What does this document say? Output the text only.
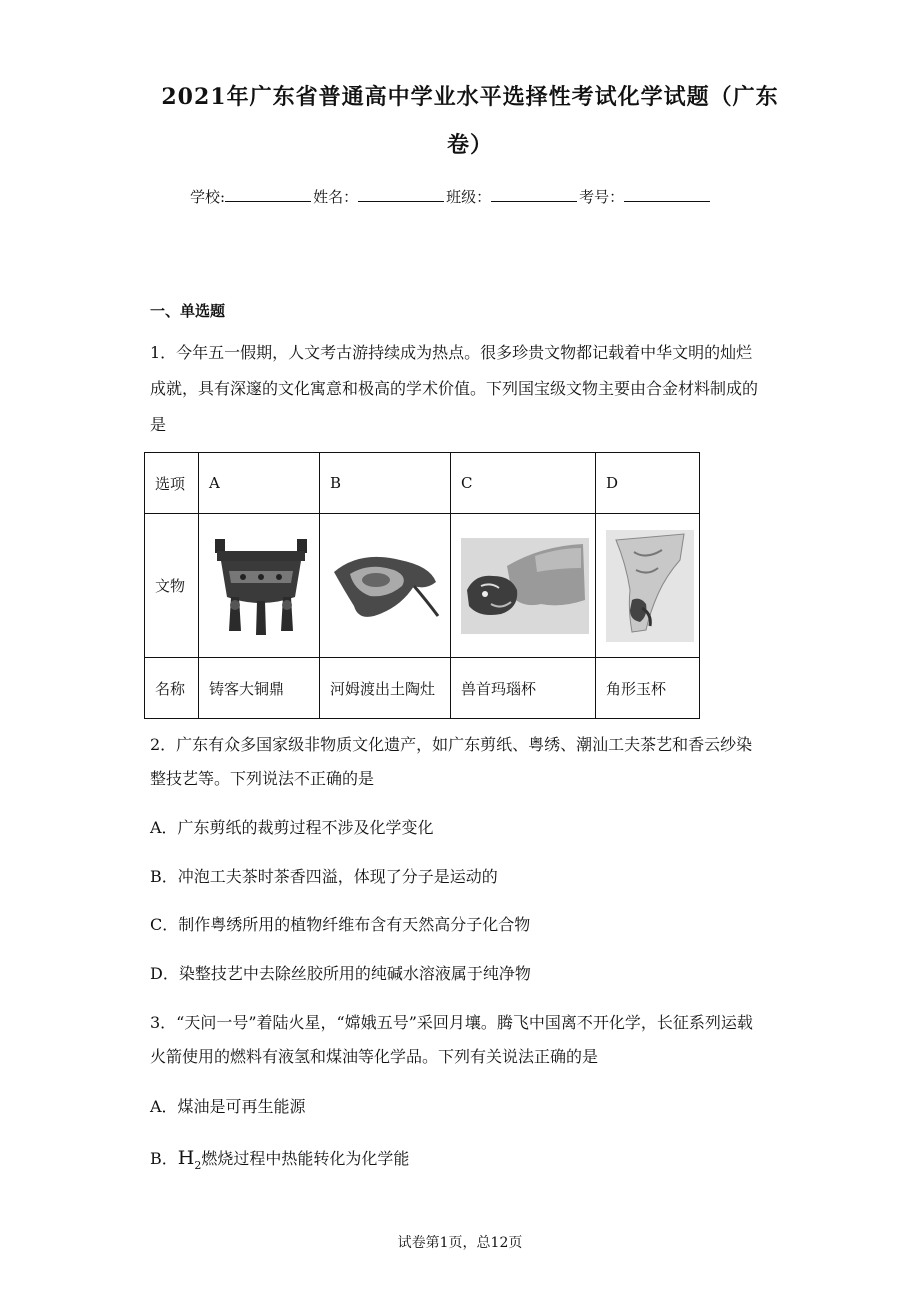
2021年广东省普通高中学业水平选择性考试化学试题（广东
卷）
学校:	姓名：	班级：	考号：
一、单选题
1．今年五一假期，人文考古游持续成为热点。很多珍贵文物都记载着中华文明的灿烂
成就，具有深邃的文化寓意和极高的学术价值。下列国宝级文物主要由合金材料制成的
是
选项	A	B	C	D
文物	

名称	铸客大铜鼎	河姆渡出土陶灶	兽首玛瑙杯	角形玉杯
2．广东有众多国家级非物质文化遗产，如广东剪纸、粤绣、潮汕工夫茶艺和香云纱染
整技艺等。下列说法不正确的是
A．广东剪纸的裁剪过程不涉及化学变化
B．冲泡工夫茶时茶香四溢，体现了分子是运动的
C．制作粤绣所用的植物纤维布含有天然高分子化合物
D．染整技艺中去除丝胶所用的纯碱水溶液属于纯净物
3．“天问一号”着陆火星，“嫦娥五号”采回月壤。腾飞中国离不开化学，长征系列运载
火箭使用的燃料有液氢和煤油等化学品。下列有关说法正确的是
A．煤油是可再生能源
B．$H_2$燃烧过程中热能转化为化学能
试卷第1页，总12页
